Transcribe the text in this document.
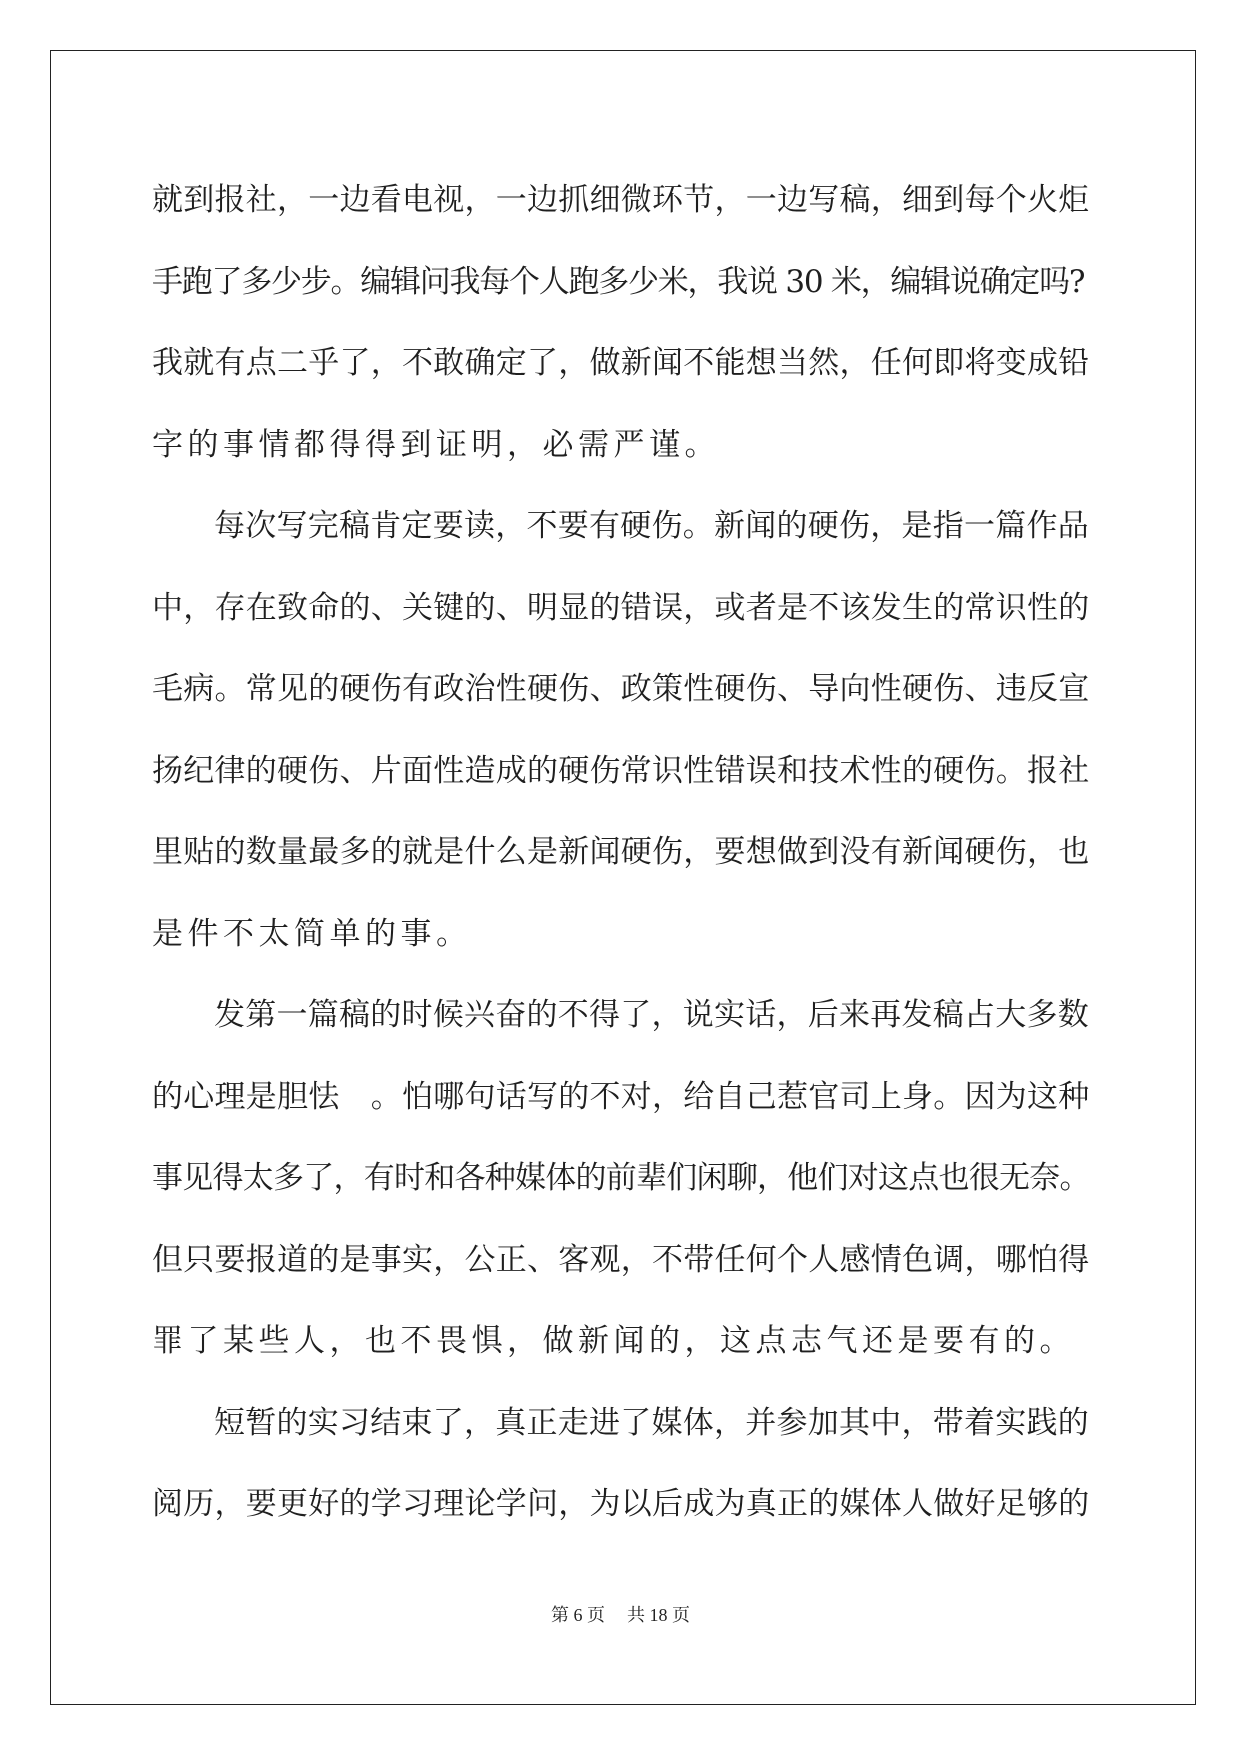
就到报社，一边看电视，一边抓细微环节，一边写稿，细到每个火炬
手跑了多少步。编辑问我每个人跑多少米，我说 30 米，编辑说确定吗?
我就有点二乎了，不敢确定了，做新闻不能想当然，任何即将变成铅
字的事情都得得到证明，必需严谨。

每次写完稿肯定要读，不要有硬伤。新闻的硬伤，是指一篇作品
中，存在致命的、关键的、明显的错误，或者是不该发生的常识性的
毛病。常见的硬伤有政治性硬伤、政策性硬伤、导向性硬伤、违反宣
扬纪律的硬伤、片面性造成的硬伤常识性错误和技术性的硬伤。报社
里贴的数量最多的就是什么是新闻硬伤，要想做到没有新闻硬伤，也
是件不太简单的事。

发第一篇稿的时候兴奋的不得了，说实话，后来再发稿占大多数
的心理是胆怯　。怕哪句话写的不对，给自己惹官司上身。因为这种
事见得太多了，有时和各种媒体的前辈们闲聊，他们对这点也很无奈。
但只要报道的是事实，公正、客观，不带任何个人感情色调，哪怕得
罪了某些人，也不畏惧，做新闻的，这点志气还是要有的。

短暂的实习结束了，真正走进了媒体，并参加其中，带着实践的
阅历，要更好的学习理论学问，为以后成为真正的媒体人做好足够的

第 6 页 共 18 页
